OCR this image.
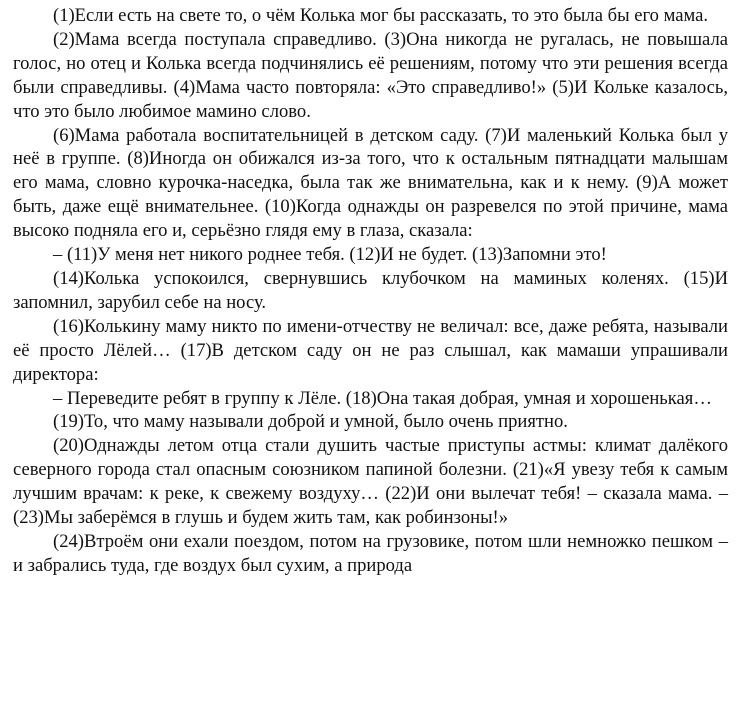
(1)Если есть на свете то, о чём Колька мог бы рассказать, то это была бы его мама.

(2)Мама всегда поступала справедливо. (3)Она никогда не ругалась, не повышала голос, но отец и Колька всегда подчинялись её решениям, потому что эти решения всегда были справедливы. (4)Мама часто повторяла: «Это справедливо!» (5)И Кольке казалось, что это было любимое мамино слово.

(6)Мама работала воспитательницей в детском саду. (7)И маленький Колька был у неё в группе. (8)Иногда он обижался из-за того, что к остальным пятнадцати малышам его мама, словно курочка-наседка, была так же внимательна, как и к нему. (9)А может быть, даже ещё внимательнее. (10)Когда однажды он разревелся по этой причине, мама высоко подняла его и, серьёзно глядя ему в глаза, сказала:

– (11)У меня нет никого роднее тебя. (12)И не будет. (13)Запомни это!

(14)Колька успокоился, свернувшись клубочком на маминых коленях. (15)И запомнил, зарубил себе на носу.

(16)Колькину маму никто по имени-отчеству не величал: все, даже ребята, называли её просто Лёлей… (17)В детском саду он не раз слышал, как мамаши упрашивали директора:

– Переведите ребят в группу к Лёле. (18)Она такая добрая, умная и хорошенькая…

(19)То, что маму называли доброй и умной, было очень приятно.

(20)Однажды летом отца стали душить частые приступы астмы: климат далёкого северного города стал опасным союзником папиной болезни. (21)«Я увезу тебя к самым лучшим врачам: к реке, к свежему воздуху… (22)И они вылечат тебя! – сказала мама. – (23)Мы заберёмся в глушь и будем жить там, как робинзоны!»

(24)Втроём они ехали поездом, потом на грузовике, потом шли немножко пешком – и забрались туда, где воздух был сухим, а природа
